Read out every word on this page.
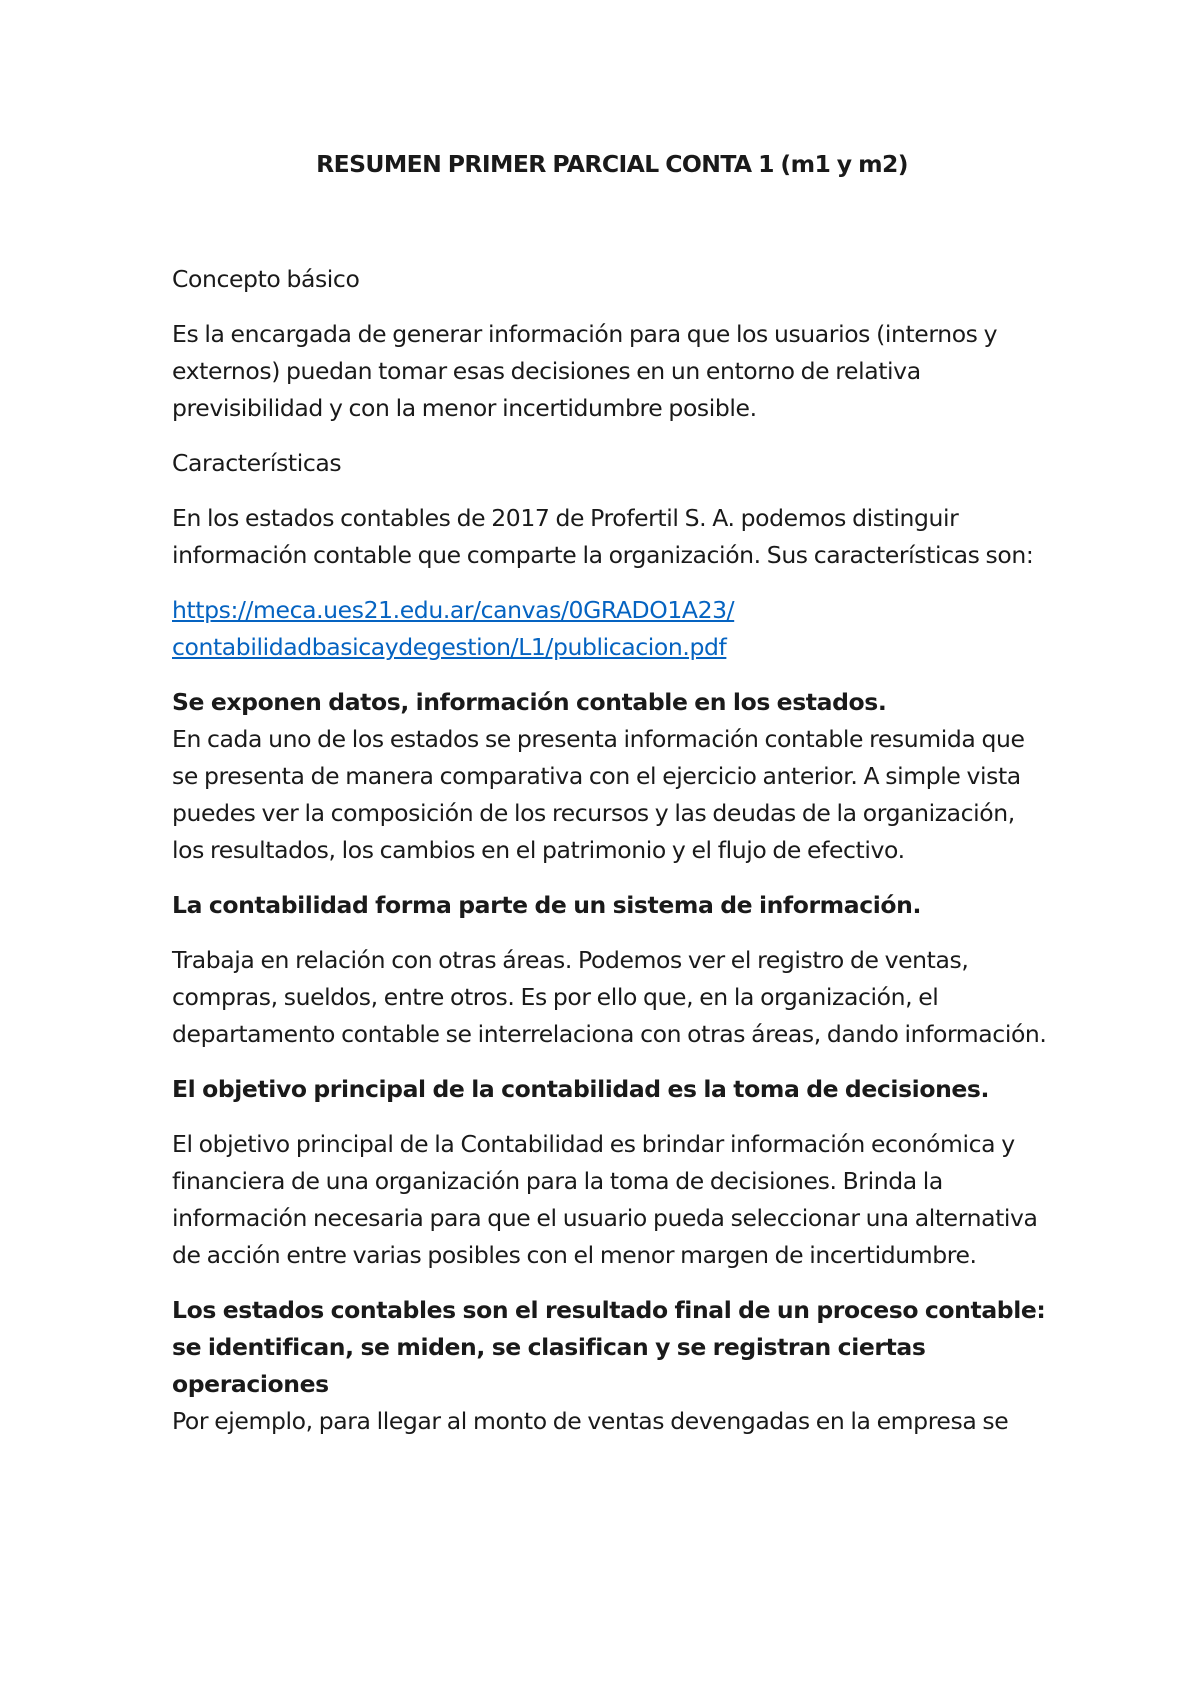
RESUMEN PRIMER PARCIAL CONTA 1 (m1 y m2)

Concepto básico

Es la encargada de generar información para que los usuarios (internos y externos) puedan tomar esas decisiones en un entorno de relativa previsibilidad y con la menor incertidumbre posible.

Características

En los estados contables de 2017 de Profertil S. A. podemos distinguir información contable que comparte la organización. Sus características son:

https://meca.ues21.edu.ar/canvas/0GRADO1A23/
contabilidadbasicaydegestion/L1/publicacion.pdf

Se exponen datos, información contable en los estados.

En cada uno de los estados se presenta información contable resumida que se presenta de manera comparativa con el ejercicio anterior. A simple vista puedes ver la composición de los recursos y las deudas de la organización, los resultados, los cambios en el patrimonio y el flujo de efectivo.

La contabilidad forma parte de un sistema de información.

Trabaja en relación con otras áreas. Podemos ver el registro de ventas, compras, sueldos, entre otros. Es por ello que, en la organización, el departamento contable se interrelaciona con otras áreas, dando información.

El objetivo principal de la contabilidad es la toma de decisiones.

El objetivo principal de la Contabilidad es brindar información económica y financiera de una organización para la toma de decisiones. Brinda la información necesaria para que el usuario pueda seleccionar una alternativa de acción entre varias posibles con el menor margen de incertidumbre.

Los estados contables son el resultado final de un proceso contable: se identifican, se miden, se clasifican y se registran ciertas operaciones

Por ejemplo, para llegar al monto de ventas devengadas en la empresa se
